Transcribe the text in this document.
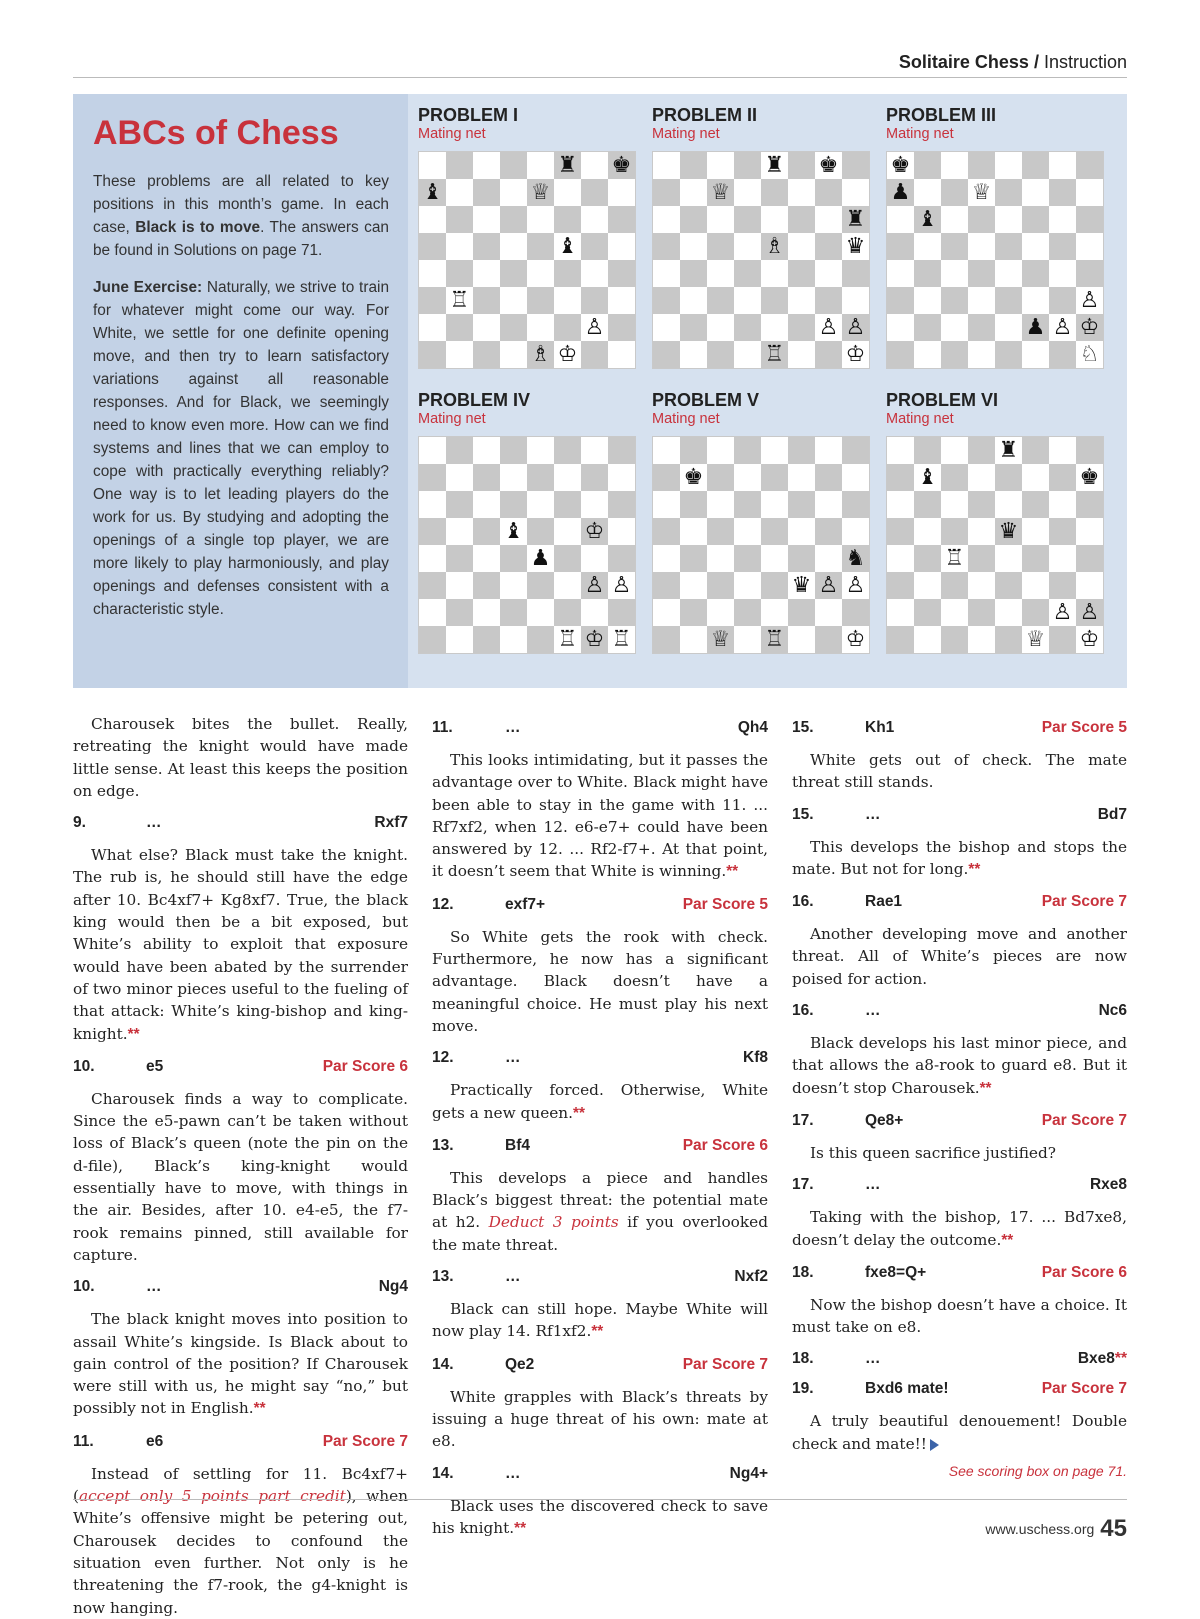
Solitaire Chess / Instruction
ABCs of Chess

These problems are all related to key positions in this month’s game. In each case, Black is to move. The answers can be found in Solutions on page 71.

June Exercise: Naturally, we strive to train for whatever might come our way. For White, we settle for one definite opening move, and then try to learn satisfactory variations against all reasonable responses. And for Black, we seemingly need to know even more. How can we find systems and lines that we can employ to cope with practically everything reliably? One way is to let leading players do the work for us. By studying and adopting the openings of a single top player, we are more likely to play harmoniously, and play openings and defenses consistent with a characteristic style.

PROBLEM I
Mating net
♜ ♚
♝	♕
♝
♖
♙
♗ ♔
PROBLEM II
Mating net
♜ ♚
♕
♜
♗	♛
♙ ♙
♖	♔
PROBLEM III
Mating net
♚
♟	♕
♝
♙
♟ ♙ ♔
♘
PROBLEM IV
Mating net
♝	♔
♟
♙ ♙
♖ ♔ ♖
PROBLEM V
Mating net
♚
♞
♛ ♙ ♙
♕ ♖	♔
PROBLEM VI
Mating net
♜
♝	♚
♛
♖
♙ ♙
♕ ♔

Charousek bites the bullet. Really, retreating the knight would have made little sense. At least this keeps the position on edge.

9.	…	Rxf7

What else? Black must take the knight. The rub is, he should still have the edge after 10. Bc4xf7+ Kg8xf7. True, the black king would then be a bit exposed, but White’s ability to exploit that exposure would have been abated by the surrender of two minor pieces useful to the fueling of that attack: White’s king-bishop and king-knight.**

10.	e5	Par Score 6

Charousek finds a way to complicate. Since the e5-pawn can’t be taken without loss of Black’s queen (note the pin on the d-file), Black’s king-knight would essentially have to move, with things in the air. Besides, after 10. e4-e5, the f7-rook remains pinned, still available for capture.

10.	…	Ng4

The black knight moves into position to assail White’s kingside. Is Black about to gain control of the position? If Charousek were still with us, he might say “no,” but possibly not in English.**

11.	e6	Par Score 7

Instead of settling for 11. Bc4xf7+ (accept only 5 points part credit), when White’s offensive might be petering out, Charousek decides to confound the situation even further. Not only is he threatening the f7-rook, the g4-knight is now hanging.

11.	…	Qh4

This looks intimidating, but it passes the advantage over to White. Black might have been able to stay in the game with 11. ... Rf7xf2, when 12. e6-e7+ could have been answered by 12. ... Rf2-f7+. At that point, it doesn’t seem that White is winning.**

12.	exf7+	Par Score 5

So White gets the rook with check. Furthermore, he now has a significant advantage. Black doesn’t have a meaningful choice. He must play his next move.

12.	…	Kf8

Practically forced. Otherwise, White gets a new queen.**

13.	Bf4	Par Score 6

This develops a piece and handles Black’s biggest threat: the potential mate at h2. Deduct 3 points if you overlooked the mate threat.

13.	…	Nxf2

Black can still hope. Maybe White will now play 14. Rf1xf2.**

14.	Qe2	Par Score 7

White grapples with Black’s threats by issuing a huge threat of his own: mate at e8.

14.	…	Ng4+

Black uses the discovered check to save his knight.**

15.	Kh1	Par Score 5

White gets out of check. The mate threat still stands.

15.	…	Bd7

This develops the bishop and stops the mate. But not for long.**

16.	Rae1	Par Score 7

Another developing move and another threat. All of White’s pieces are now poised for action.

16.	…	Nc6

Black develops his last minor piece, and that allows the a8-rook to guard e8. But it doesn’t stop Charousek.**

17.	Qe8+	Par Score 7

Is this queen sacrifice justified?

17.	…	Rxe8

Taking with the bishop, 17. ... Bd7xe8, doesn’t delay the outcome.**

18.	fxe8=Q+	Par Score 6

Now the bishop doesn’t have a choice. It must take on e8.

18.	…	Bxe8**
19.	Bxd6 mate!	Par Score 7

A truly beautiful denouement! Double check and mate!!

See scoring box on page 71.
www.uschess.org 45
